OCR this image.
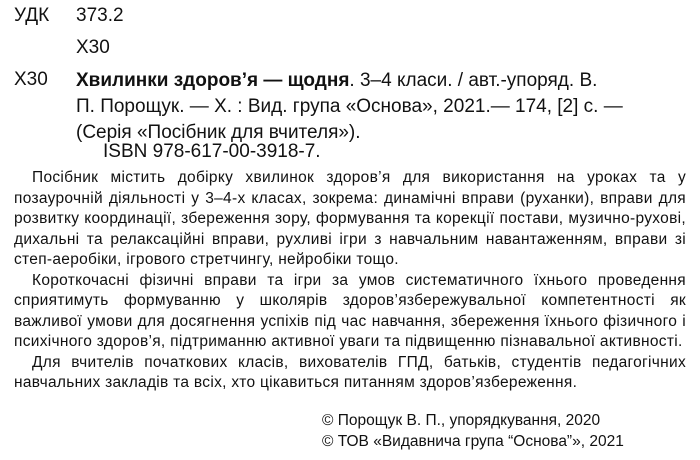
УДК	373.2
Х30
Х30 Хвилинки здоров’я — щодня. 3–4 класи. / авт.-упоряд. В.
П. Порощук. — Х. : Вид. група «Основа», 2021.— 174, [2] с. —
(Серія «Посібник для вчителя»).
ISBN 978-617-00-3918-7.

Посібник містить добірку хвилинок здоров’я для використання на уроках та у позаурочній діяльності у 3–4-х класах, зокрема: динамічні вправи (руханки), вправи для розвитку координації, збереження зору, формування та корекції постави, музично-рухові, дихальні та релаксаційні вправи, рухливі ігри з навчальним навантаженням, вправи зі степ-аеробіки, ігрового стретчингу, нейробіки тощо.

Короткочасні фізичні вправи та ігри за умов систематичного їхнього проведення сприятимуть формуванню у школярів здоров’язбережувальної компетентності як важливої умови для досягнення успіхів під час навчання, збереження їхнього фізичного і психічного здоров’я, підтриманню активної уваги та підвищенню пізнавальної активності.

Для вчителів початкових класів, вихователів ГПД, батьків, студентів педагогічних навчальних закладів та всіх, хто цікавиться питанням здоров’язбереження.

© Порощук В. П., упорядкування, 2020
© ТОВ «Видавнича група “Основа”», 2021
